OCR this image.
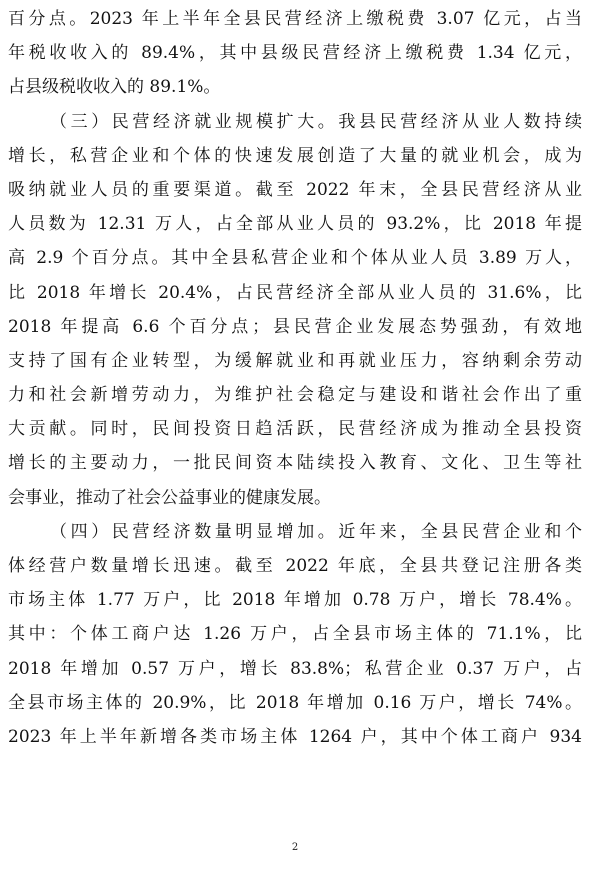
百分点。2023 年上半年全县民营经济上缴税费 3.07 亿元，占当
年税收收入的 89.4%，其中县级民营经济上缴税费 1.34 亿元，
占县级税收收入的 89.1%。
（三）民营经济就业规模扩大。我县民营经济从业人数持续
增长，私营企业和个体的快速发展创造了大量的就业机会，成为
吸纳就业人员的重要渠道。截至 2022 年末，全县民营经济从业
人员数为 12.31 万人，占全部从业人员的 93.2%，比 2018 年提
高 2.9 个百分点。其中全县私营企业和个体从业人员 3.89 万人，
比 2018 年增长 20.4%，占民营经济全部从业人员的 31.6%，比
2018 年提高 6.6 个百分点；县民营企业发展态势强劲，有效地
支持了国有企业转型，为缓解就业和再就业压力，容纳剩余劳动
力和社会新增劳动力，为维护社会稳定与建设和谐社会作出了重
大贡献。同时，民间投资日趋活跃，民营经济成为推动全县投资
增长的主要动力，一批民间资本陆续投入教育、文化、卫生等社
会事业，推动了社会公益事业的健康发展。
（四）民营经济数量明显增加。近年来，全县民营企业和个
体经营户数量增长迅速。截至 2022 年底，全县共登记注册各类
市场主体 1.77 万户，比 2018 年增加 0.78 万户，增长 78.4%。
其中：个体工商户达 1.26 万户，占全县市场主体的 71.1%，比
2018 年增加 0.57 万户，增长 83.8%；私营企业 0.37 万户，占
全县市场主体的 20.9%，比 2018 年增加 0.16 万户，增长 74%。
2023 年上半年新增各类市场主体 1264 户，其中个体工商户 934
2
